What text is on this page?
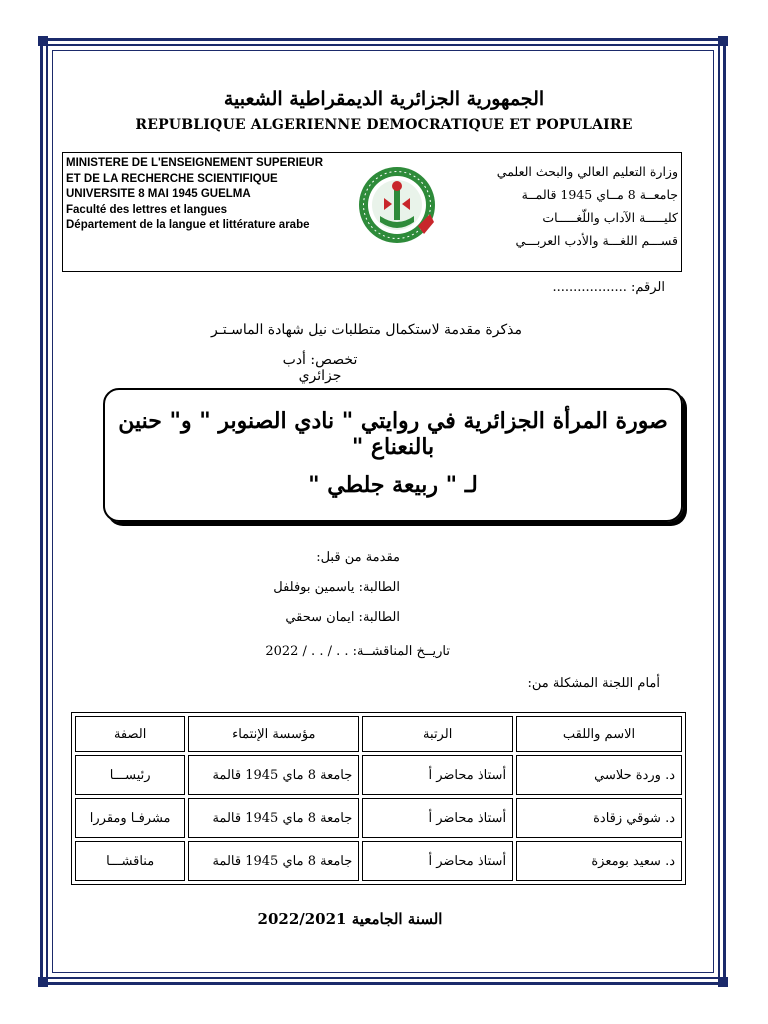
الجمهورية الجزائرية الديمقراطية الشعبية
REPUBLIQUE ALGERIENNE DEMOCRATIQUE ET POPULAIRE
MINISTERE DE L'ENSEIGNEMENT SUPERIEUR
ET DE LA RECHERCHE SCIENTIFIQUE
UNIVERSITE 8 MAI 1945 GUELMA
Faculté des lettres et langues
Département de la langue et littérature arabe
وزارة التعليم العالي والبحث العلمي
جامعــة 8 مــاي 1945 قالمــة
كليـــــة الآداب واللّغـــــات
قســـم اللغـــة والأدب العربـــي
الرقم: ..................
مذكرة مقدمة لاستكمال متطلبات نيل شهادة الماسـتـر
تخصص: أدب جزائري
صورة المرأة الجزائرية في روايتي " نادي الصنوبر " و" حنين بالنعناع "
لـ " ربيعة جلطي "
مقدمة من قبل:
الطالبة: ياسمين بوفلفل
الطالبة: ايمان سحقي
تاريــخ المناقشــة: . . / . . / 2022
أمام اللجنة المشكلة من:
الاسم واللقب	الرتبة	مؤسسة الإنتماء	الصفة
د. وردة حلاسي	أستاذ محاضر أ	جامعة 8 ماي 1945 قالمة	رئيســـا
د. شوقي زقادة	أستاذ محاضر أ	جامعة 8 ماي 1945 قالمة	مشرفـا ومقررا
د. سعيد بومعزة	أستاذ محاضر أ	جامعة 8 ماي 1945 قالمة	مناقشـــا
السنة الجامعية 2022/2021
